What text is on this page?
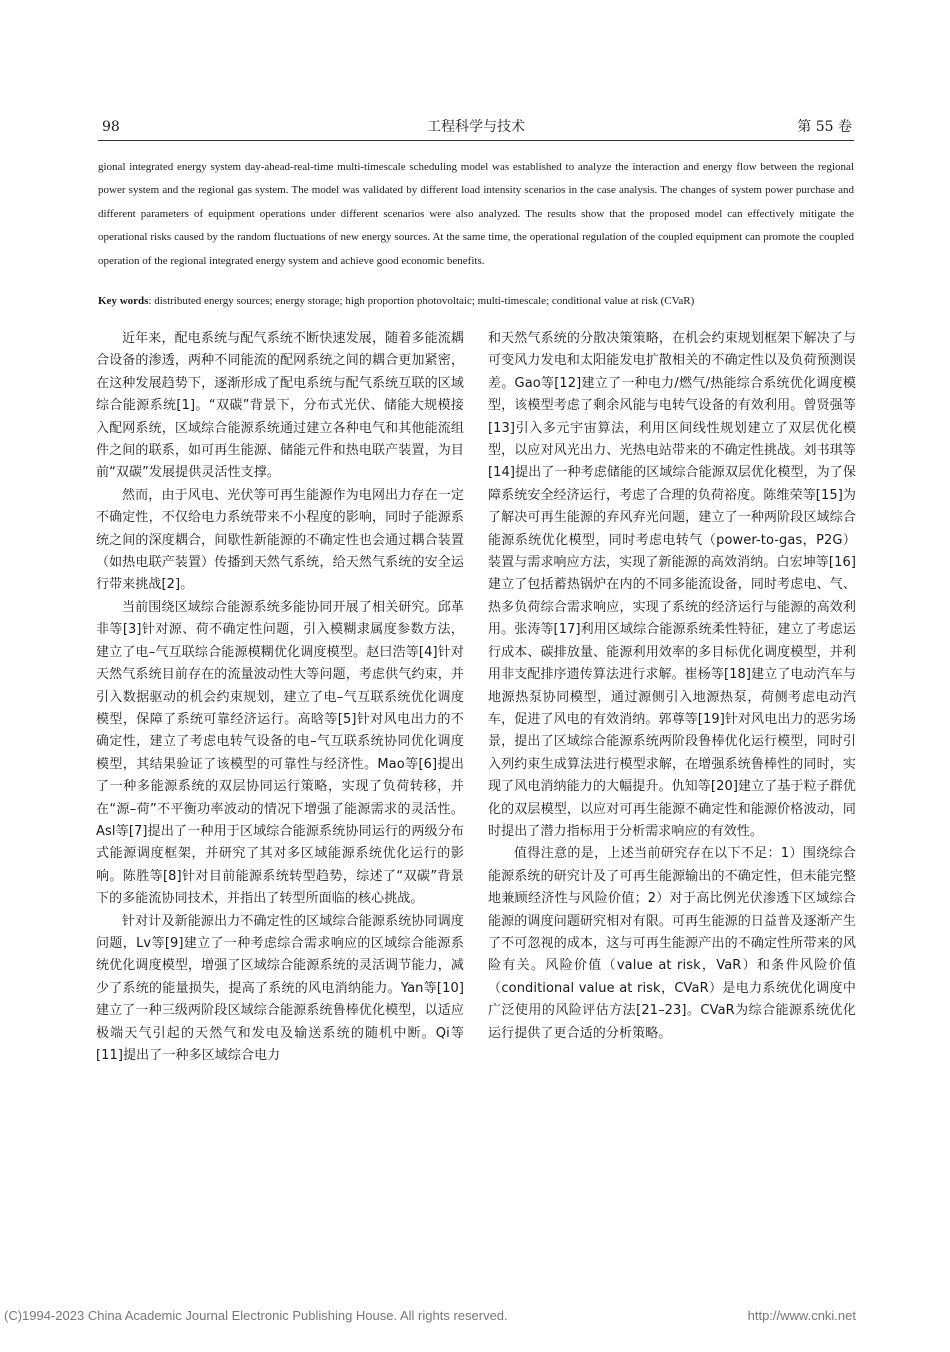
98	工程科学与技术	第 55 卷
gional integrated energy system day-ahead-real-time multi-timescale scheduling model was established to analyze the interaction and energy flow between the regional power system and the regional gas system. The model was validated by different load intensity scenarios in the case analysis. The changes of system power purchase and different parameters of equipment operations under different scenarios were also analyzed. The results show that the proposed model can effectively mitigate the operational risks caused by the random fluctuations of new energy sources. At the same time, the operational regulation of the coupled equipment can promote the coupled operation of the regional integrated energy system and achieve good economic benefits.
Key words: distributed energy sources; energy storage; high proportion photovoltaic; multi-timescale; conditional value at risk (CVaR)

近年来，配电系统与配气系统不断快速发展，随着多能流耦合设备的渗透，两种不同能流的配网系统之间的耦合更加紧密，在这种发展趋势下，逐渐形成了配电系统与配气系统互联的区域综合能源系统[1]。“双碳”背景下，分布式光伏、储能大规模接入配网系统，区域综合能源系统通过建立各种电气和其他能流组件之间的联系，如可再生能源、储能元件和热电联产装置，为目前“双碳”发展提供灵活性支撑。

然而，由于风电、光伏等可再生能源作为电网出力存在一定不确定性，不仅给电力系统带来不小程度的影响，同时子能源系统之间的深度耦合，间歇性新能源的不确定性也会通过耦合装置（如热电联产装置）传播到天然气系统，给天然气系统的安全运行带来挑战[2]。

当前围绕区域综合能源系统多能协同开展了相关研究。邱革非等[3]针对源、荷不确定性问题，引入模糊隶属度参数方法，建立了电–气互联综合能源模糊优化调度模型。赵曰浩等[4]针对天然气系统目前存在的流量波动性大等问题，考虑供气约束，并引入数据驱动的机会约束规划，建立了电–气互联系统优化调度模型，保障了系统可靠经济运行。高晗等[5]针对风电出力的不确定性，建立了考虑电转气设备的电–气互联系统协同优化调度模型，其结果验证了该模型的可靠性与经济性。Mao等[6]提出了一种多能源系统的双层协同运行策略，实现了负荷转移，并在“源–荷”不平衡功率波动的情况下增强了能源需求的灵活性。Asl等[7]提出了一种用于区域综合能源系统协同运行的两级分布式能源调度框架，并研究了其对多区域能源系统优化运行的影响。陈胜等[8]针对目前能源系统转型趋势，综述了“双碳”背景下的多能流协同技术，并指出了转型所面临的核心挑战。

针对计及新能源出力不确定性的区域综合能源系统协同调度问题，Lv等[9]建立了一种考虑综合需求响应的区域综合能源系统优化调度模型，增强了区域综合能源系统的灵活调节能力，减少了系统的能量损失，提高了系统的风电消纳能力。Yan等[10]建立了一种三级两阶段区域综合能源系统鲁棒优化模型，以适应极端天气引起的天然气和发电及输送系统的随机中断。Qi等[11]提出了一种多区域综合电力

和天然气系统的分散决策策略，在机会约束规划框架下解决了与可变风力发电和太阳能发电扩散相关的不确定性以及负荷预测误差。Gao等[12]建立了一种电力/燃气/热能综合系统优化调度模型，该模型考虑了剩余风能与电转气设备的有效利用。曾贤强等[13]引入多元宇宙算法，利用区间线性规划建立了双层优化模型，以应对风光出力、光热电站带来的不确定性挑战。刘书琪等[14]提出了一种考虑储能的区域综合能源双层优化模型，为了保障系统安全经济运行，考虑了合理的负荷裕度。陈维荣等[15]为了解决可再生能源的弃风弃光问题，建立了一种两阶段区域综合能源系统优化模型，同时考虑电转气（power-to-gas，P2G）装置与需求响应方法，实现了新能源的高效消纳。白宏坤等[16]建立了包括蓄热锅炉在内的不同多能流设备，同时考虑电、气、热多负荷综合需求响应，实现了系统的经济运行与能源的高效利用。张涛等[17]利用区域综合能源系统柔性特征，建立了考虑运行成本、碳排放量、能源利用效率的多目标优化调度模型，并利用非支配排序遗传算法进行求解。崔杨等[18]建立了电动汽车与地源热泵协同模型，通过源侧引入地源热泵，荷侧考虑电动汽车，促进了风电的有效消纳。郭尊等[19]针对风电出力的恶劣场景，提出了区域综合能源系统两阶段鲁棒优化运行模型，同时引入列约束生成算法进行模型求解，在增强系统鲁棒性的同时，实现了风电消纳能力的大幅提升。仇知等[20]建立了基于粒子群优化的双层模型，以应对可再生能源不确定性和能源价格波动，同时提出了潜力指标用于分析需求响应的有效性。

值得注意的是，上述当前研究存在以下不足：1）围绕综合能源系统的研究计及了可再生能源输出的不确定性，但未能完整地兼顾经济性与风险价值；2）对于高比例光伏渗透下区域综合能源的调度问题研究相对有限。可再生能源的日益普及逐渐产生了不可忽视的成本，这与可再生能源产出的不确定性所带来的风险有关。风险价值（value at risk，VaR）和条件风险价值（conditional value at risk，CVaR）是电力系统优化调度中广泛使用的风险评估方法[21–23]。CVaR为综合能源系统优化运行提供了更合适的分析策略。

(C)1994-2023 China Academic Journal Electronic Publishing House. All rights reserved.	http://www.cnki.net
